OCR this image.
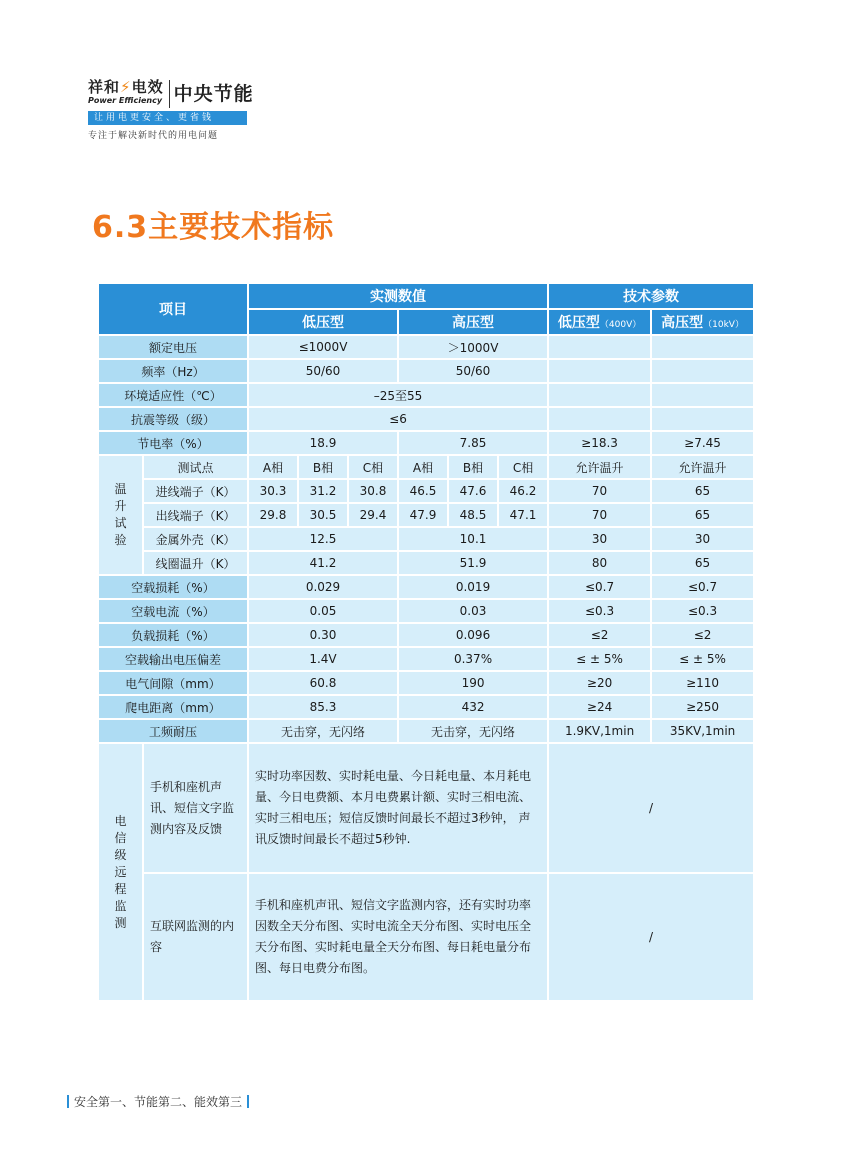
祥和⚡电效
Power Efficiency 中央节能
让用电更安全、更省钱
专注于解决新时代的用电问题
6.3主要技术指标
项目		实测数值						技术参数	
		低压型			高压型			低压型（400V）	高压型（10kV）
额定电压		≤1000V			＞1000V				
频率（Hz）		50/60			50/60				
环境适应性（℃）		–25至55							
抗震等级（级）		≤6							
节电率（%）		18.9			7.85			≥18.3	≥7.45
温升试验	测试点	A相	B相	C相	A相	B相	C相	允许温升	允许温升
	进线端子（K）	30.3	31.2	30.8	46.5	47.6	46.2	70	65
	出线端子（K）	29.8	30.5	29.4	47.9	48.5	47.1	70	65
	金属外壳（K）	12.5			10.1			30	30
	线圈温升（K）	41.2			51.9			80	65
空载损耗（%）		0.029			0.019			≤0.7	≤0.7
空载电流（%）		0.05			0.03			≤0.3	≤0.3
负载损耗（%）		0.30			0.096			≤2	≤2
空载输出电压偏差		1.4V			0.37%			≤ ± 5%	≤ ± 5%
电气间隙（mm）		60.8			190			≥20	≥110
爬电距离（mm）		85.3			432			≥24	≥250
工频耐压		无击穿，无闪络			无击穿，无闪络			1.9KV,1min	35KV,1min
电信级远程监测	手机和座机声讯、短信文字监测内容及反馈	实时功率因数、实时耗电量、今日耗电量、本月耗电量、今日电费额、本月电费累计额、实时三相电流、实时三相电压；短信反馈时间最长不超过3秒钟， 声讯反馈时间最长不超过5秒钟.						/	
	互联网监测的内容	手机和座机声讯、短信文字监测内容，还有实时功率因数全天分布图、实时电流全天分布图、实时电压全天分布图、实时耗电量全天分布图、每日耗电量分布图、每日电费分布图。						/	
安全第一、节能第二、能效第三
